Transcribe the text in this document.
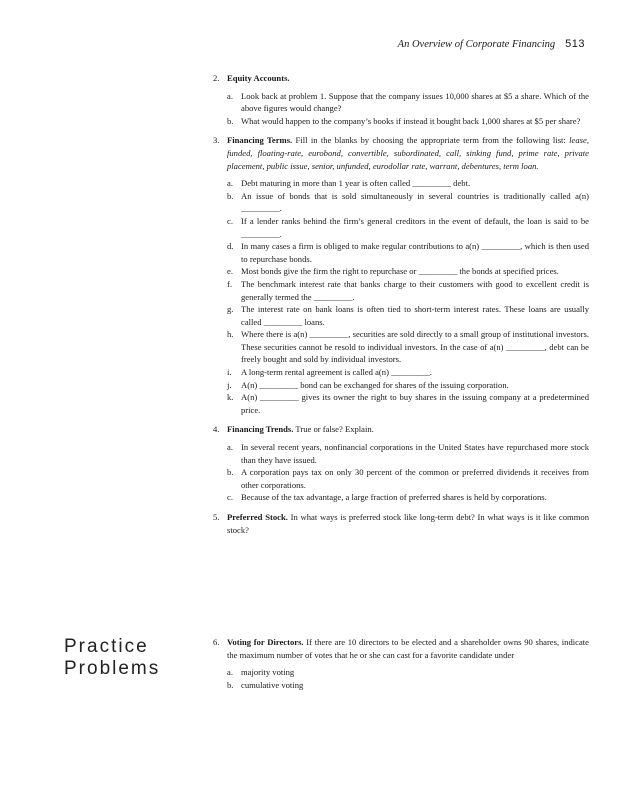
An Overview of Corporate Financing 513
2. Equity Accounts.
a. Look back at problem 1. Suppose that the company issues 10,000 shares at $5 a share. Which of the above figures would change?
b. What would happen to the company’s books if instead it bought back 1,000 shares at $5 per share?
3. Financing Terms. Fill in the blanks by choosing the appropriate term from the following list: lease, funded, floating-rate, eurobond, convertible, subordinated, call, sinking fund, prime rate, private placement, public issue, senior, unfunded, eurodollar rate, warrant, debentures, term loan.
a. Debt maturing in more than 1 year is often called _________ debt.
b. An issue of bonds that is sold simultaneously in several countries is traditionally called a(n) _________.
c. If a lender ranks behind the firm’s general creditors in the event of default, the loan is said to be _________.
d. In many cases a firm is obliged to make regular contributions to a(n) _________, which is then used to repurchase bonds.
e. Most bonds give the firm the right to repurchase or _________ the bonds at specified prices.
f. The benchmark interest rate that banks charge to their customers with good to excellent credit is generally termed the _________.
g. The interest rate on bank loans is often tied to short-term interest rates. These loans are usually called _________ loans.
h. Where there is a(n) _________, securities are sold directly to a small group of institutional investors. These securities cannot be resold to individual investors. In the case of a(n) _________, debt can be freely bought and sold by individual investors.
i. A long-term rental agreement is called a(n) _________.
j. A(n) _________ bond can be exchanged for shares of the issuing corporation.
k. A(n) _________ gives its owner the right to buy shares in the issuing company at a predetermined price.
4. Financing Trends. True or false? Explain.
a. In several recent years, nonfinancial corporations in the United States have repurchased more stock than they have issued.
b. A corporation pays tax on only 30 percent of the common or preferred dividends it receives from other corporations.
c. Because of the tax advantage, a large fraction of preferred shares is held by corporations.
5. Preferred Stock. In what ways is preferred stock like long-term debt? In what ways is it like common stock?
Practice
Problems
6. Voting for Directors. If there are 10 directors to be elected and a shareholder owns 90 shares, indicate the maximum number of votes that he or she can cast for a favorite candidate under
a. majority voting
b. cumulative voting
